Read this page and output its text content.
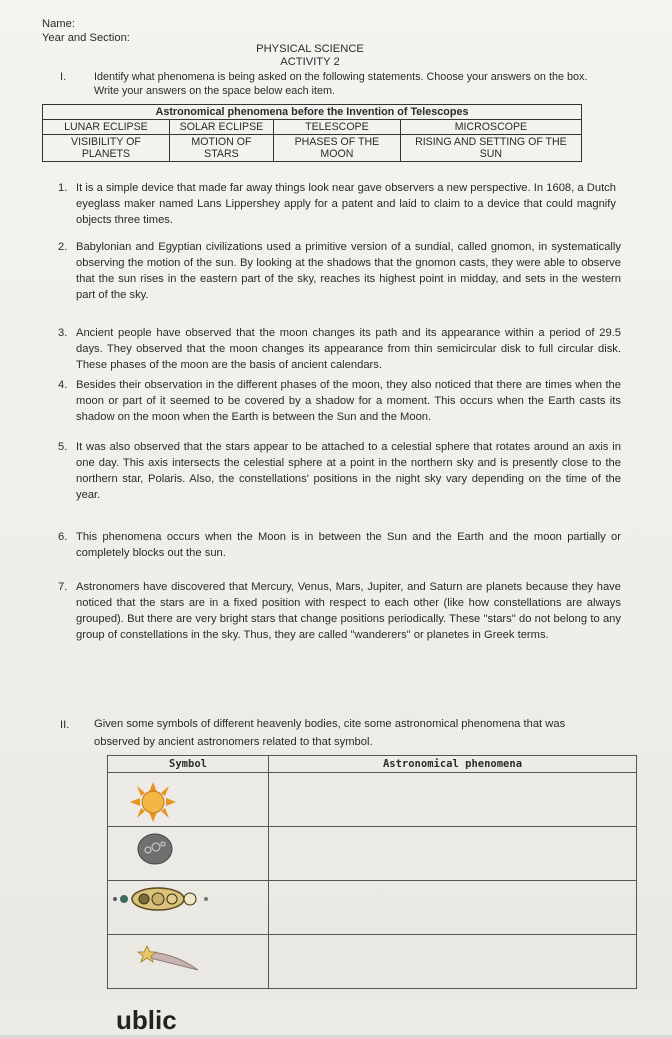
Name:
Year and Section:
PHYSICAL SCIENCE
ACTIVITY 2
I.	Identify what phenomena is being asked on the following statements. Choose your answers on the box.
Write your answers on the space below each item.
Astronomical phenomena before the Invention of Telescopes			
LUNAR ECLIPSE	SOLAR ECLIPSE	TELESCOPE	MICROSCOPE
VISIBILITY OF PLANETS	MOTION OF STARS	PHASES OF THE MOON	RISING AND SETTING OF THE SUN
1. It is a simple device that made far away things look near gave observers a new perspective. In 1608, a Dutch eyeglass maker named Lans Lippershey apply for a patent and laid to claim to a device that could magnify objects three times.
2. Babylonian and Egyptian civilizations used a primitive version of a sundial, called gnomon, in systematically observing the motion of the sun. By looking at the shadows that the gnomon casts, they were able to observe that the sun rises in the eastern part of the sky, reaches its highest point in midday, and sets in the western part of the sky.
3. Ancient people have observed that the moon changes its path and its appearance within a period of 29.5 days. They observed that the moon changes its appearance from thin semicircular disk to full circular disk. These phases of the moon are the basis of ancient calendars.
4. Besides their observation in the different phases of the moon, they also noticed that there are times when the moon or part of it seemed to be covered by a shadow for a moment. This occurs when the Earth casts its shadow on the moon when the Earth is between the Sun and the Moon.
5. It was also observed that the stars appear to be attached to a celestial sphere that rotates around an axis in one day. This axis intersects the celestial sphere at a point in the northern sky and is presently close to the northern star, Polaris. Also, the constellations' positions in the night sky vary depending on the time of the year.
6. This phenomena occurs when the Moon is in between the Sun and the Earth and the moon partially or completely blocks out the sun.
7. Astronomers have discovered that Mercury, Venus, Mars, Jupiter, and Saturn are planets because they have noticed that the stars are in a fixed position with respect to each other (like how constellations are always grouped). But there are very bright stars that change positions periodically. These "stars" do not belong to any group of constellations in the sky. Thus, they are called "wanderers" or planetes in Greek terms.
II. Given some symbols of different heavenly bodies, cite some astronomical phenomena that was
observed by ancient astronomers related to that symbol.
Symbol	Astronomical phenomena

ublic
